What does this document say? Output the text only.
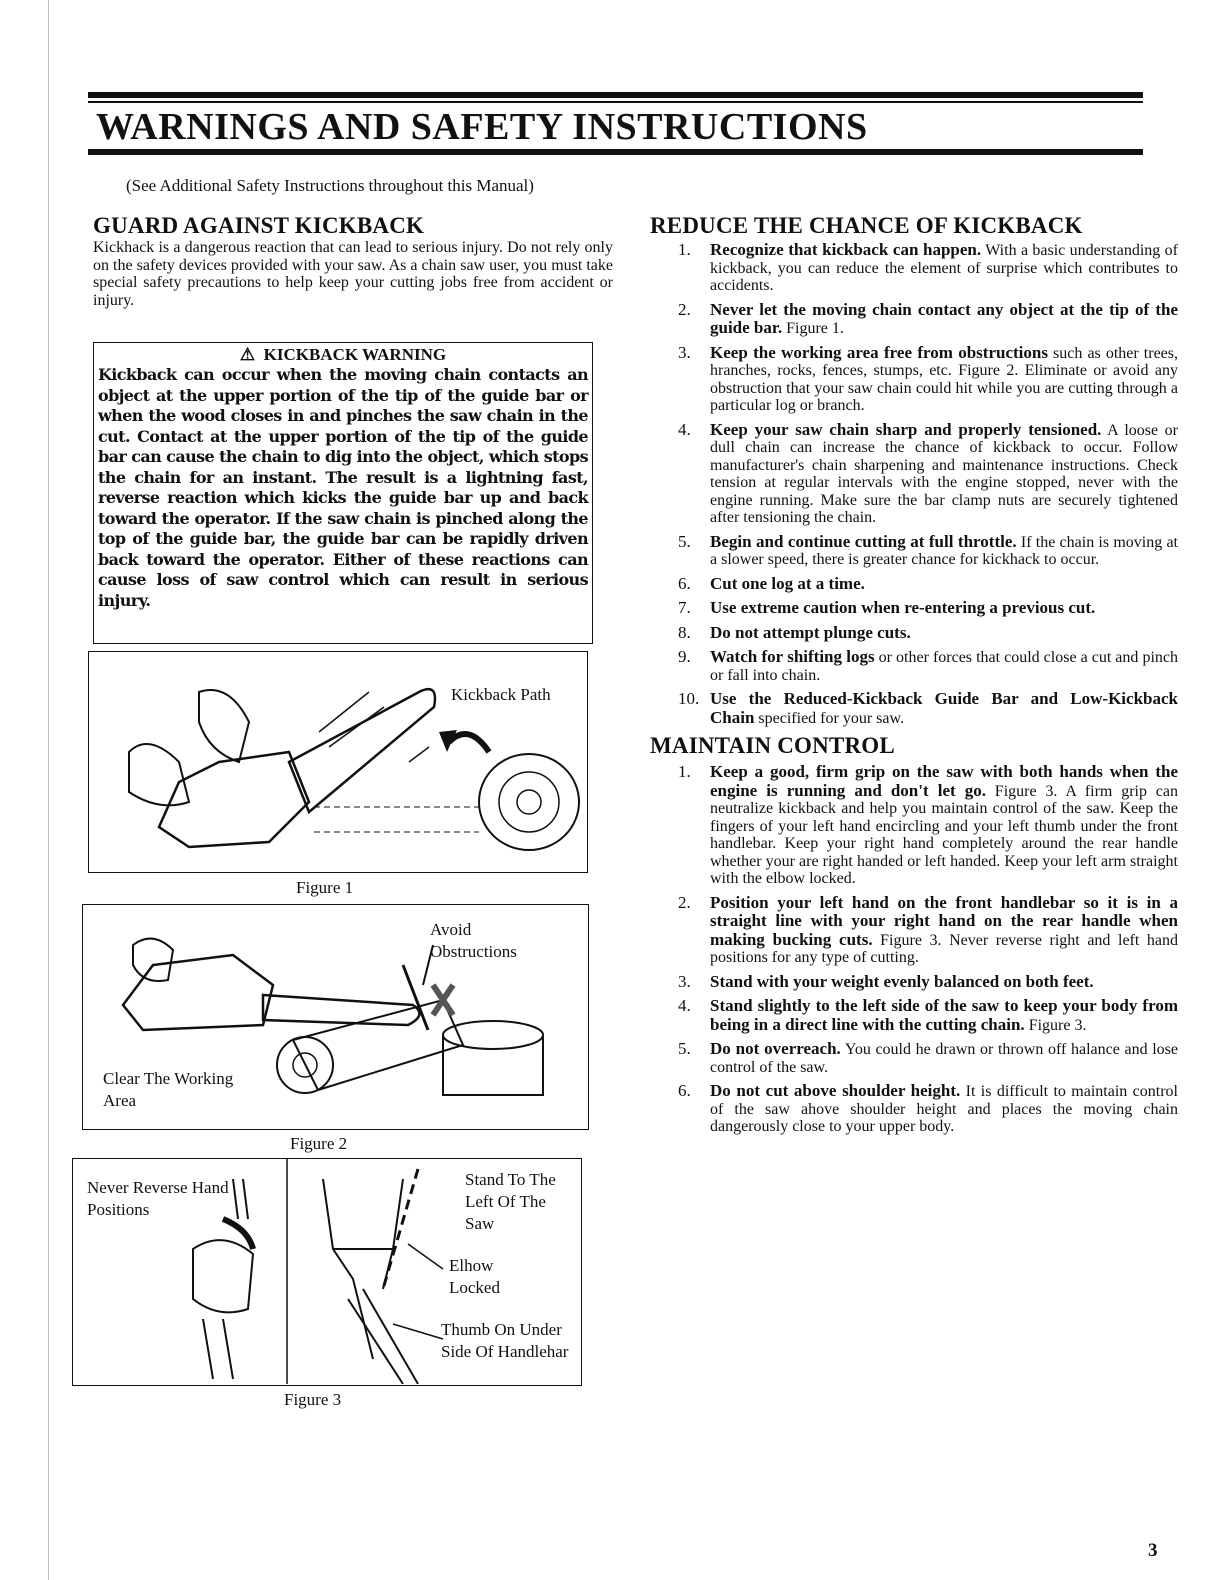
WARNINGS AND SAFETY INSTRUCTIONS
(See Additional Safety Instructions throughout this Manual)
GUARD AGAINST KICKBACK

Kickhack is a dangerous reaction that can lead to serious injury. Do not rely only on the safety devices provided with your saw. As a chain saw user, you must take special safety precautions to help keep your cutting jobs free from accident or injury.

⚠ KICKBACK WARNING

Kickback can occur when the moving chain contacts an object at the upper portion of the tip of the guide bar or when the wood closes in and pinches the saw chain in the cut. Contact at the upper portion of the tip of the guide bar can cause the chain to dig into the object, which stops the chain for an instant. The result is a lightning fast, reverse reaction which kicks the guide bar up and back toward the operator. If the saw chain is pinched along the top of the guide bar, the guide bar can be rapidly driven back toward the operator. Either of these reactions can cause loss of saw control which can result in serious injury.

Kickback Path
Figure 1
Avoid Obstructions
Clear The Working Area
Figure 2
Never Reverse Hand Positions
Stand To The Left Of The Saw
Elhow Locked
Thumb On Under Side Of Handlehar
Figure 3
REDUCE THE CHANCE OF KICKBACK
1. Recognize that kickback can happen. With a basic understanding of kickback, you can reduce the element of surprise which contributes to accidents.
2. Never let the moving chain contact any object at the tip of the guide bar. Figure 1.
3. Keep the working area free from obstructions such as other trees, hranches, rocks, fences, stumps, etc. Figure 2. Eliminate or avoid any obstruction that your saw chain could hit while you are cutting through a particular log or branch.
4. Keep your saw chain sharp and properly tensioned. A loose or dull chain can increase the chance of kickback to occur. Follow manufacturer's chain sharpening and maintenance instructions. Check tension at regular intervals with the engine stopped, never with the engine running. Make sure the bar clamp nuts are securely tightened after tensioning the chain.
5. Begin and continue cutting at full throttle. If the chain is moving at a slower speed, there is greater chance for kickhack to occur.
6. Cut one log at a time.
7. Use extreme caution when re-entering a previous cut.
8. Do not attempt plunge cuts.
9. Watch for shifting logs or other forces that could close a cut and pinch or fall into chain.
10. Use the Reduced-Kickback Guide Bar and Low-Kickback Chain specified for your saw.
MAINTAIN CONTROL
1. Keep a good, firm grip on the saw with both hands when the engine is running and don't let go. Figure 3. A firm grip can neutralize kickback and help you maintain control of the saw. Keep the fingers of your left hand encircling and your left thumb under the front handlebar. Keep your right hand completely around the rear handle whether your are right handed or left handed. Keep your left arm straight with the elbow locked.
2. Position your left hand on the front handlebar so it is in a straight line with your right hand on the rear handle when making bucking cuts. Figure 3. Never reverse right and left hand positions for any type of cutting.
3. Stand with your weight evenly balanced on both feet.
4. Stand slightly to the left side of the saw to keep your body from being in a direct line with the cutting chain. Figure 3.
5. Do not overreach. You could he drawn or thrown off halance and lose control of the saw.
6. Do not cut above shoulder height. It is difficult to maintain control of the saw ahove shoulder height and places the moving chain dangerously close to your upper body.
3
